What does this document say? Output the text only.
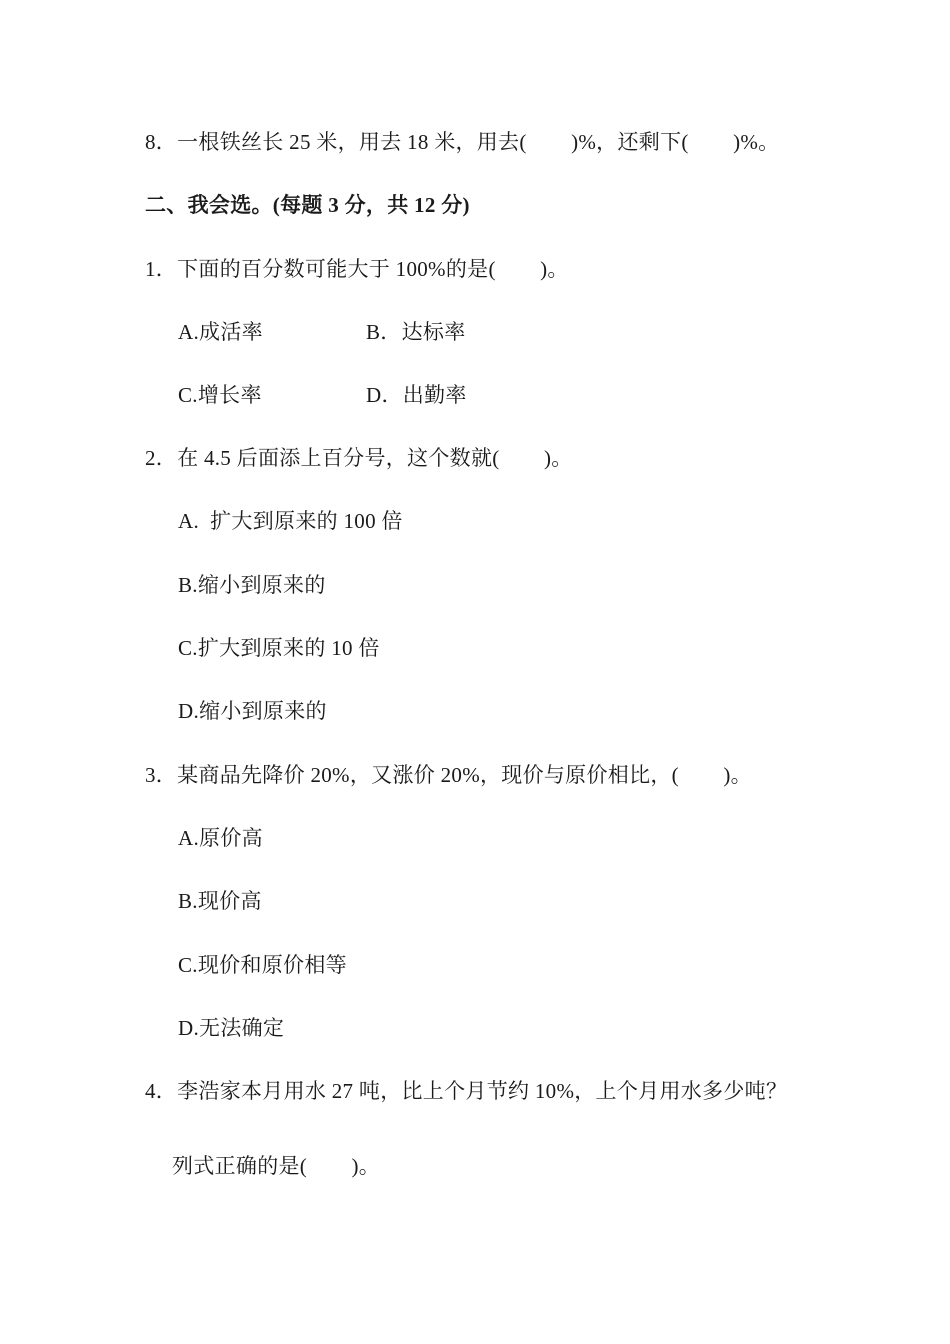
8．一根铁丝长 25 米，用去 18 米，用去(        )%，还剩下(        )%。
二、我会选。(每题 3 分，共 12 分)
1．下面的百分数可能大于 100%的是(        )。
A.成活率	B．达标率
C.增长率	D．出勤率
2．在 4.5 后面添上百分号，这个数就(        )。
A.  扩大到原来的 100 倍
B.缩小到原来的
C.扩大到原来的 10 倍
D.缩小到原来的
3．某商品先降价 20%，又涨价 20%，现价与原价相比，(        )。
A.原价高
B.现价高
C.现价和原价相等
D.无法确定
4．李浩家本月用水 27 吨，比上个月节约 10%，上个月用水多少吨？
列式正确的是(        )。
